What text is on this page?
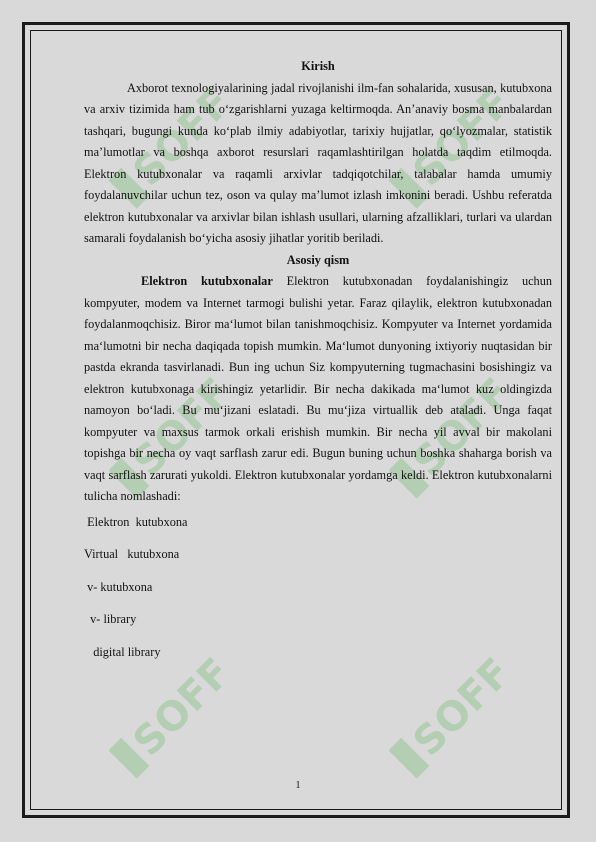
SOFF	SOFF
SOFF	SOFF
SOFF	SOFF

Kirish

Axborot texnologiyalarining jadal rivojlanishi ilm-fan sohalarida, xususan, kutubxona va arxiv tizimida ham tub o‘zgarishlarni yuzaga keltirmoqda. An’anaviy bosma manbalardan tashqari, bugungi kunda ko‘plab ilmiy adabiyotlar, tarixiy hujjatlar, qo‘lyozmalar, statistik ma’lumotlar va boshqa axborot resurslari raqamlashtirilgan holatda taqdim etilmoqda. Elektron kutubxonalar va raqamli arxivlar tadqiqotchilar, talabalar hamda umumiy foydalanuvchilar uchun tez, oson va qulay ma’lumot izlash imkonini beradi. Ushbu referatda elektron kutubxonalar va arxivlar bilan ishlash usullari, ularning afzalliklari, turlari va ulardan samarali foydalanish bo‘yicha asosiy jihatlar yoritib beriladi.

Asosiy qism

Elektron kutubxonalar Elektron kutubxonadan foydalanishingiz uchun kompyuter, modem va Internet tarmogi bulishi yetar. Faraz qilaylik, elektron kutubxonadan foydalanmoqchisiz. Biror ma‘lumot bilan tanishmoqchisiz. Kompyuter va Internet yordamida ma‘lumotni bir necha daqiqada topish mumkin. Ma‘lumot dunyoning ixtiyoriy nuqtasidan bir pastda ekranda tasvirlanadi. Bun ing uchun Siz kompyuterning tugmachasini bosishingiz va elektron kutubxonaga kirishingiz yetarlidir. Bir necha dakikada ma‘lumot kuz oldingizda namoyon bo‘ladi. Bu mu‘jizani eslatadi. Bu mu‘jiza virtuallik deb ataladi. Unga faqat kompyuter va maxsus tarmok orkali erishish mumkin. Bir necha yil avval bir makolani topishga bir necha oy vaqt sarflash zarur edi. Bugun buning uchun boshka shaharga borish va vaqt sarflash zarurati yukoldi. Elektron kutubxonalar yordamga keldi. Elektron kutubxonalarni tulicha nomlashadi:

Elektron  kutubxona

Virtual   kutubxona

v- kutubxona

v- library

digital library

1
